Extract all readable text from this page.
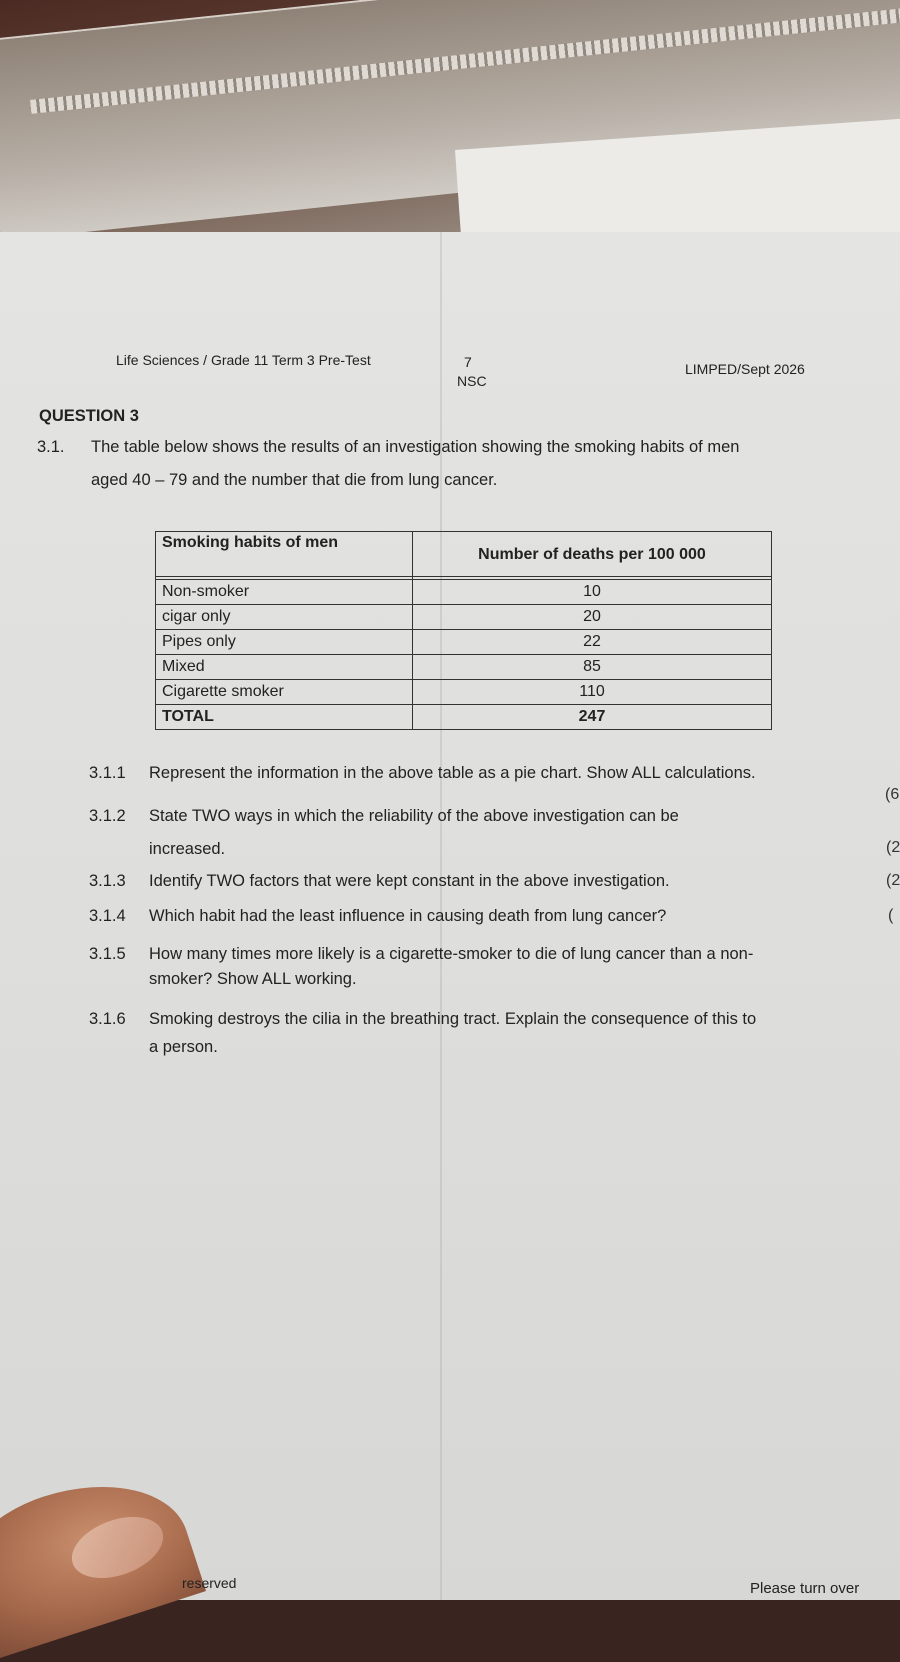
Life Sciences / Grade 11 Term 3 Pre-Test	7
NSC
LIMPED/Sept 2026
QUESTION 3
3.1. The table below shows the results of an investigation showing the smoking habits of men
aged 40 – 79 and the number that die from lung cancer.
Smoking habits of men	Number of deaths per 100 000

Non-smoker	10
cigar only	20
Pipes only	22
Mixed	85
Cigarette smoker	110
TOTAL	247
3.1.1 Represent the information in the above table as a pie chart. Show ALL calculations.
(6
3.1.2 State TWO ways in which the reliability of the above investigation can be
increased.	(2
3.1.3 Identify TWO factors that were kept constant in the above investigation.	(2
3.1.4 Which habit had the least influence in causing death from lung cancer?	(
3.1.5 How many times more likely is a cigarette-smoker to die of lung cancer than a non-
smoker? Show ALL working.
3.1.6 Smoking destroys the cilia in the breathing tract. Explain the consequence of this to
a person.
reserved	Please turn over
